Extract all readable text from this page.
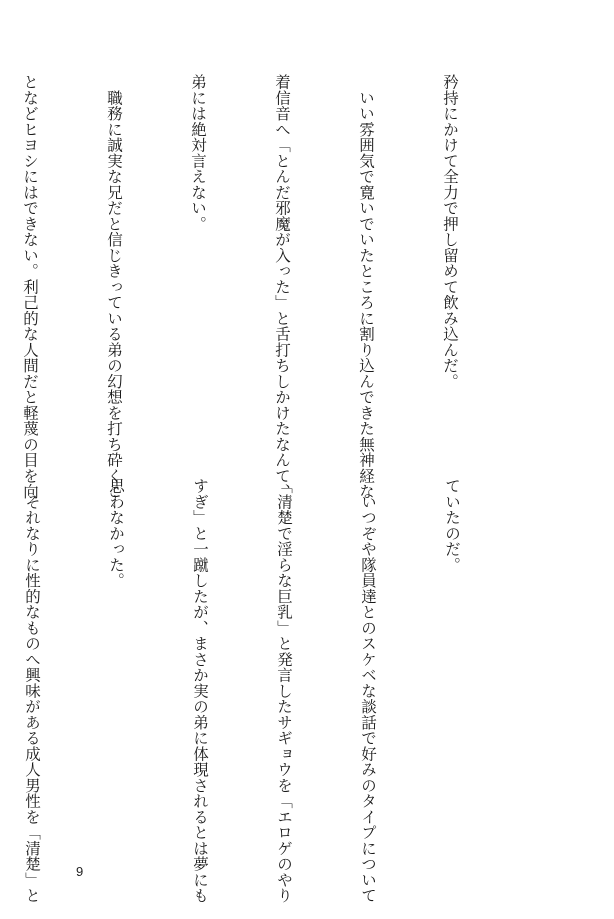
矜持にかけて全力で押し留めて飲み込んだ。

　いい雰囲気で寛いでいたところに割り込んできた無神経な

着信音へ「とんだ邪魔が入った」と舌打ちしかけたなんて、

弟には絶対言えない。

　職務に誠実な兄だと信じきっている弟の幻想を打ち砕くこ

となどヒヨシにはできない。利己的な人間だと軽蔑の目を向

ていたのだ。

　いつぞや隊員達とのスケベな談話で好みのタイプについて

「清楚で淫らな巨乳」と発言したサギョウを「エロゲのやり

すぎ」と一蹴したが、まさか実の弟に体現されるとは夢にも

思わなかった。

　それなりに性的なものへ興味がある成人男性を「清楚」と

	9
